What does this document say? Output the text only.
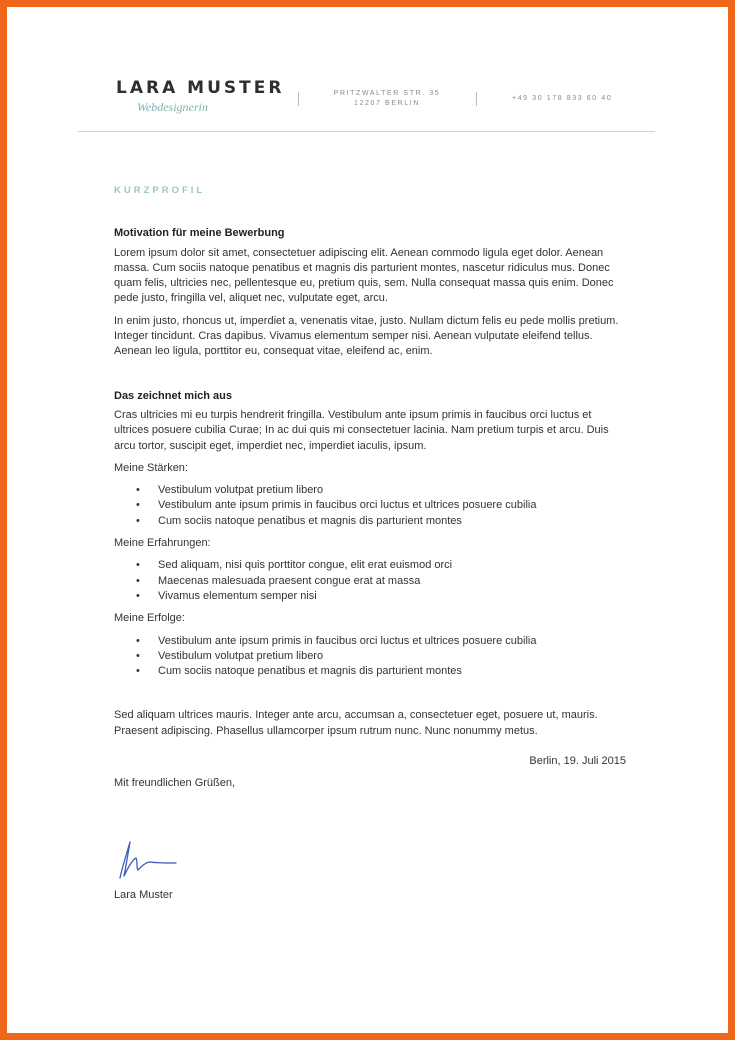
LARA MUSTER
Webdesignerin
PRITZWALTER STR. 35
12207 BERLIN
+49 30 178 833 60 40
KURZPROFIL
Motivation für meine Bewerbung

Lorem ipsum dolor sit amet, consectetuer adipiscing elit. Aenean commodo ligula eget dolor. Aenean massa. Cum sociis natoque penatibus et magnis dis parturient montes, nascetur ridiculus mus. Donec quam felis, ultricies nec, pellentesque eu, pretium quis, sem. Nulla consequat massa quis enim. Donec pede justo, fringilla vel, aliquet nec, vulputate eget, arcu.

In enim justo, rhoncus ut, imperdiet a, venenatis vitae, justo. Nullam dictum felis eu pede mollis pretium. Integer tincidunt. Cras dapibus. Vivamus elementum semper nisi. Aenean vulputate eleifend tellus. Aenean leo ligula, porttitor eu, consequat vitae, eleifend ac, enim.

Das zeichnet mich aus

Cras ultricies mi eu turpis hendrerit fringilla. Vestibulum ante ipsum primis in faucibus orci luctus et ultrices posuere cubilia Curae; In ac dui quis mi consectetuer lacinia. Nam pretium turpis et arcu. Duis arcu tortor, suscipit eget, imperdiet nec, imperdiet iaculis, ipsum.

Meine Stärken:

• Vestibulum volutpat pretium libero
• Vestibulum ante ipsum primis in faucibus orci luctus et ultrices posuere cubilia
• Cum sociis natoque penatibus et magnis dis parturient montes

Meine Erfahrungen:

• Sed aliquam, nisi quis porttitor congue, elit erat euismod orci
• Maecenas malesuada praesent congue erat at massa
• Vivamus elementum semper nisi

Meine Erfolge:

• Vestibulum ante ipsum primis in faucibus orci luctus et ultrices posuere cubilia
• Vestibulum volutpat pretium libero
• Cum sociis natoque penatibus et magnis dis parturient montes

Sed aliquam ultrices mauris. Integer ante arcu, accumsan a, consectetuer eget, posuere ut, mauris. Praesent adipiscing. Phasellus ullamcorper ipsum rutrum nunc. Nunc nonummy metus.

Berlin, 19. Juli 2015

Mit freundlichen Grüßen,

Lara Muster
